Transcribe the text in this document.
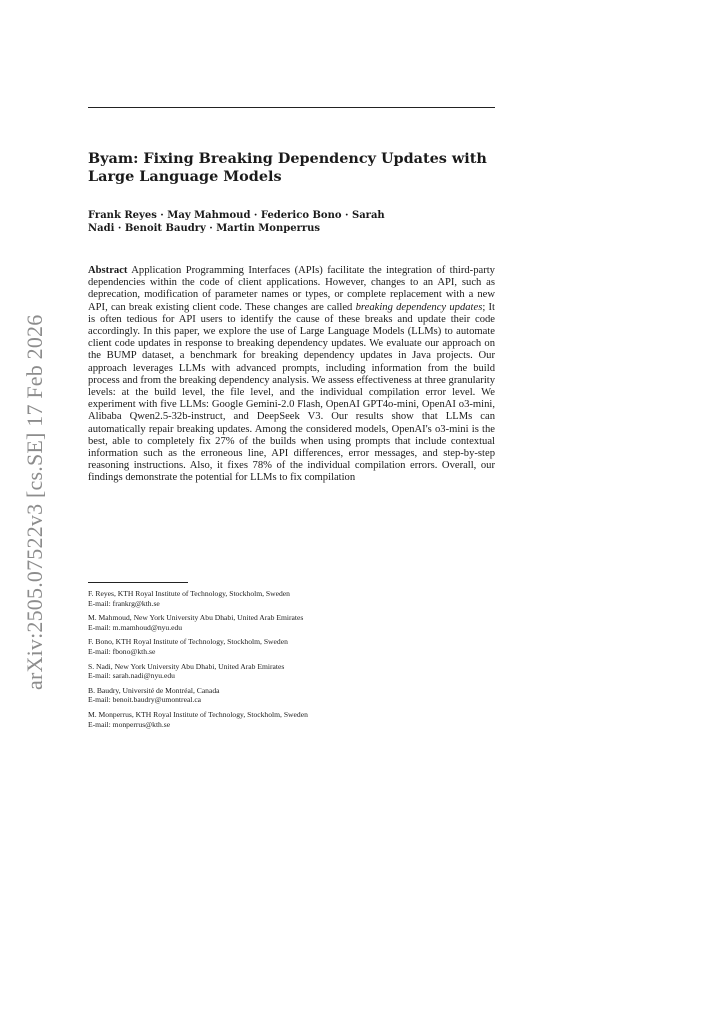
arXiv:2505.07522v3 [cs.SE] 17 Feb 2026
Byam: Fixing Breaking Dependency Updates with Large Language Models
Frank Reyes · May Mahmoud · Federico Bono · Sarah Nadi · Benoit Baudry · Martin Monperrus

Abstract Application Programming Interfaces (APIs) facilitate the integration of third-party dependencies within the code of client applications. However, changes to an API, such as deprecation, modification of parameter names or types, or complete replacement with a new API, can break existing client code. These changes are called breaking dependency updates; It is often tedious for API users to identify the cause of these breaks and update their code accordingly. In this paper, we explore the use of Large Language Models (LLMs) to automate client code updates in response to breaking dependency updates. We evaluate our approach on the BUMP dataset, a benchmark for breaking dependency updates in Java projects. Our approach leverages LLMs with advanced prompts, including information from the build process and from the breaking dependency analysis. We assess effectiveness at three granularity levels: at the build level, the file level, and the individual compilation error level. We experiment with five LLMs: Google Gemini-2.0 Flash, OpenAI GPT4o-mini, OpenAI o3-mini, Alibaba Qwen2.5-32b-instruct, and DeepSeek V3. Our results show that LLMs can automatically repair breaking updates. Among the considered models, OpenAI's o3-mini is the best, able to completely fix 27% of the builds when using prompts that include contextual information such as the erroneous line, API differences, error messages, and step-by-step reasoning instructions. Also, it fixes 78% of the individual compilation errors. Overall, our findings demonstrate the potential for LLMs to fix compilation

F. Reyes, KTH Royal Institute of Technology, Stockholm, Sweden
E-mail: frankrg@kth.se
M. Mahmoud, New York University Abu Dhabi, United Arab Emirates
E-mail: m.mamhoud@nyu.edu
F. Bono, KTH Royal Institute of Technology, Stockholm, Sweden
E-mail: fbono@kth.se
S. Nadi, New York University Abu Dhabi, United Arab Emirates
E-mail: sarah.nadi@nyu.edu
B. Baudry, Université de Montréal, Canada
E-mail: benoit.baudry@umontreal.ca
M. Monperrus, KTH Royal Institute of Technology, Stockholm, Sweden
E-mail: monperrus@kth.se
